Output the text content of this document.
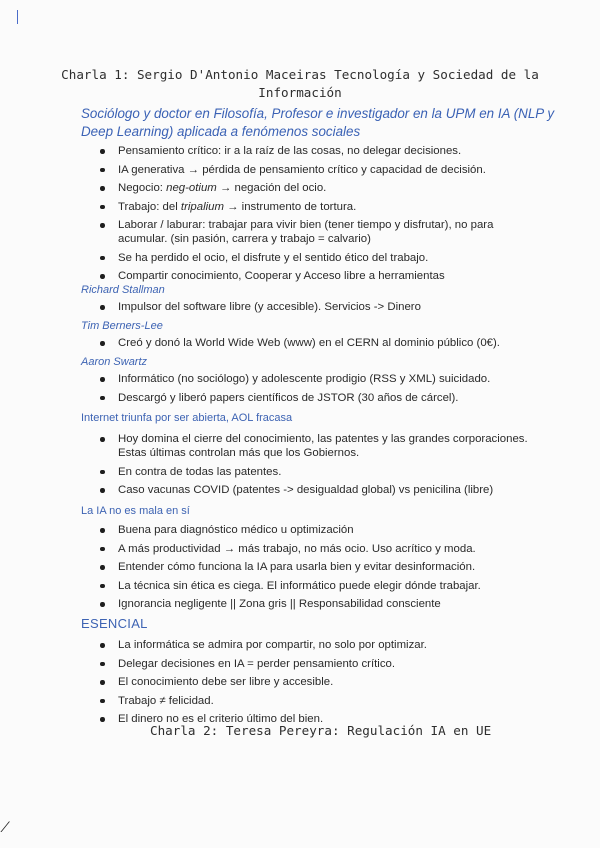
Charla 1: Sergio D'Antonio Maceiras Tecnología y Sociedad de la Información
Sociólogo y doctor en Filosofía, Profesor e investigador en la UPM en IA (NLP y Deep Learning) aplicada a fenómenos sociales
Pensamiento crítico: ir a la raíz de las cosas, no delegar decisiones.
IA generativa → pérdida de pensamiento crítico y capacidad de decisión.
Negocio: neg-otium → negación del ocio.
Trabajo: del tripalium → instrumento de tortura.
Laborar / laburar: trabajar para vivir bien (tener tiempo y disfrutar), no para acumular. (sin pasión, carrera y trabajo = calvario)
Se ha perdido el ocio, el disfrute y el sentido ético del trabajo.
Compartir conocimiento, Cooperar y Acceso libre a herramientas
Richard Stallman
Impulsor del software libre (y accesible). Servicios -> Dinero
Tim Berners-Lee
Creó y donó la World Wide Web (www) en el CERN al dominio público (0€).
Aaron Swartz
Informático (no sociólogo) y adolescente prodigio (RSS y XML) suicidado.
Descargó y liberó papers científicos de JSTOR (30 años de cárcel).
Internet triunfa por ser abierta, AOL fracasa
Hoy domina el cierre del conocimiento, las patentes y las grandes corporaciones. Estas últimas controlan más que los Gobiernos.
En contra de todas las patentes.
Caso vacunas COVID (patentes -> desigualdad global) vs penicilina (libre)
La IA no es mala en sí
Buena para diagnóstico médico u optimización
A más productividad → más trabajo, no más ocio. Uso acrítico y moda.
Entender cómo funciona la IA para usarla bien y evitar desinformación.
La técnica sin ética es ciega. El informático puede elegir dónde trabajar.
Ignorancia negligente || Zona gris || Responsabilidad consciente
ESENCIAL
La informática se admira por compartir, no solo por optimizar.
Delegar decisiones en IA = perder pensamiento crítico.
El conocimiento debe ser libre y accesible.
Trabajo ≠ felicidad.
El dinero no es el criterio último del bien.
Charla 2: Teresa Pereyra: Regulación IA en UE
⁄
